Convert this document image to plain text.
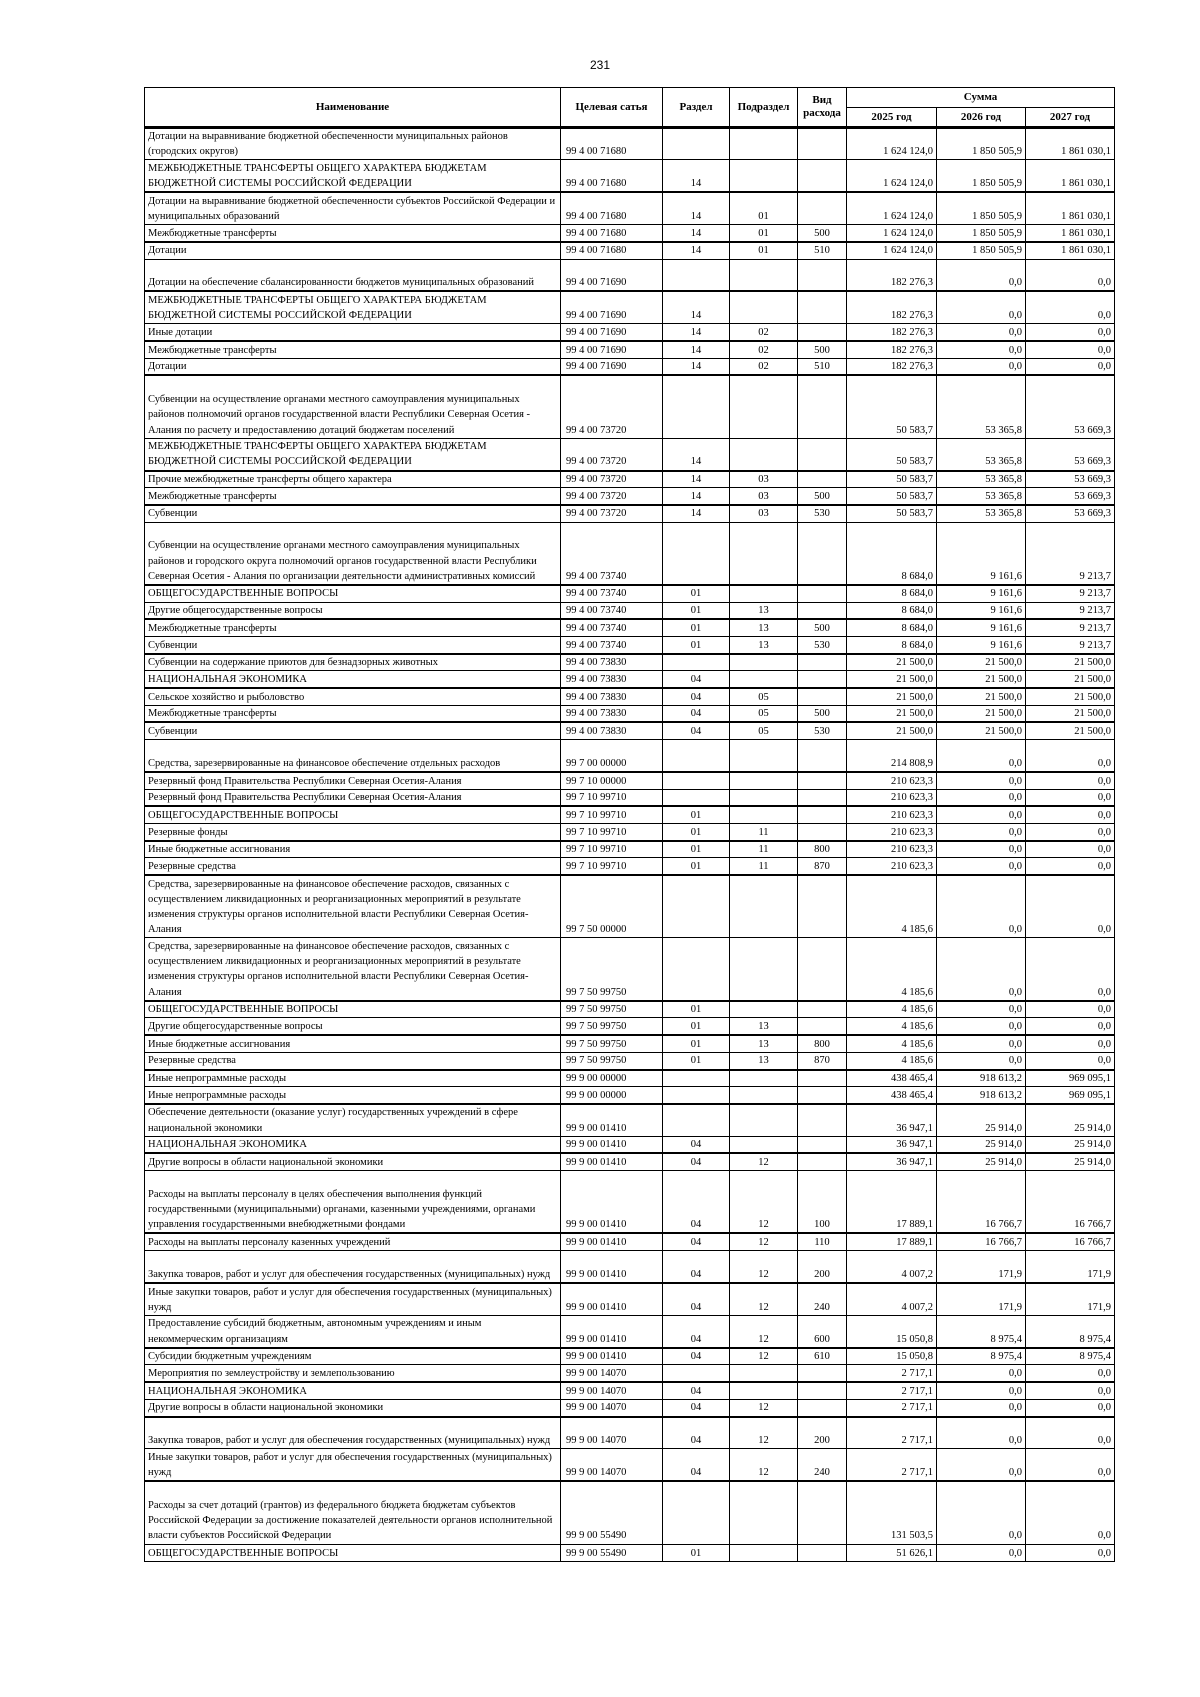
231
Наименование	Целевая сатья	Раздел	Подраздел	Вид расхода	Сумма		
					2025 год	2026 год	2027 год
Дотации на выравнивание бюджетной обеспеченности муниципальных районов (городских округов)	99 4 00 71680				1 624 124,0	1 850 505,9	1 861 030,1
МЕЖБЮДЖЕТНЫЕ ТРАНСФЕРТЫ ОБЩЕГО ХАРАКТЕРА БЮДЖЕТАМ БЮДЖЕТНОЙ СИСТЕМЫ РОССИЙСКОЙ ФЕДЕРАЦИИ	99 4 00 71680	14			1 624 124,0	1 850 505,9	1 861 030,1
Дотации на выравнивание бюджетной обеспеченности субъектов Российской Федерации и муниципальных образований	99 4 00 71680	14	01		1 624 124,0	1 850 505,9	1 861 030,1
Межбюджетные трансферты	99 4 00 71680	14	01	500	1 624 124,0	1 850 505,9	1 861 030,1
Дотации	99 4 00 71680	14	01	510	1 624 124,0	1 850 505,9	1 861 030,1
Дотации на обеспечение сбалансированности бюджетов муниципальных образований	99 4 00 71690				182 276,3	0,0	0,0
МЕЖБЮДЖЕТНЫЕ ТРАНСФЕРТЫ ОБЩЕГО ХАРАКТЕРА БЮДЖЕТАМ БЮДЖЕТНОЙ СИСТЕМЫ РОССИЙСКОЙ ФЕДЕРАЦИИ	99 4 00 71690	14			182 276,3	0,0	0,0
Иные дотации	99 4 00 71690	14	02		182 276,3	0,0	0,0
Межбюджетные трансферты	99 4 00 71690	14	02	500	182 276,3	0,0	0,0
Дотации	99 4 00 71690	14	02	510	182 276,3	0,0	0,0
Субвенции на осуществление органами местного самоуправления муниципальных районов полномочий органов государственной власти Республики Северная Осетия - Алания по расчету и предоставлению дотаций бюджетам поселений	99 4 00 73720				50 583,7	53 365,8	53 669,3
МЕЖБЮДЖЕТНЫЕ ТРАНСФЕРТЫ ОБЩЕГО ХАРАКТЕРА БЮДЖЕТАМ БЮДЖЕТНОЙ СИСТЕМЫ РОССИЙСКОЙ ФЕДЕРАЦИИ	99 4 00 73720	14			50 583,7	53 365,8	53 669,3
Прочие межбюджетные трансферты общего характера	99 4 00 73720	14	03		50 583,7	53 365,8	53 669,3
Межбюджетные трансферты	99 4 00 73720	14	03	500	50 583,7	53 365,8	53 669,3
Субвенции	99 4 00 73720	14	03	530	50 583,7	53 365,8	53 669,3
Субвенции на осуществление органами местного самоуправления муниципальных районов и городского округа полномочий органов государственной власти Республики Северная Осетия - Алания по организации деятельности административных комиссий	99 4 00 73740				8 684,0	9 161,6	9 213,7
ОБЩЕГОСУДАРСТВЕННЫЕ ВОПРОСЫ	99 4 00 73740	01			8 684,0	9 161,6	9 213,7
Другие общегосударственные вопросы	99 4 00 73740	01	13		8 684,0	9 161,6	9 213,7
Межбюджетные трансферты	99 4 00 73740	01	13	500	8 684,0	9 161,6	9 213,7
Субвенции	99 4 00 73740	01	13	530	8 684,0	9 161,6	9 213,7
Субвенции на содержание приютов для безнадзорных животных	99 4 00 73830				21 500,0	21 500,0	21 500,0
НАЦИОНАЛЬНАЯ ЭКОНОМИКА	99 4 00 73830	04			21 500,0	21 500,0	21 500,0
Сельское хозяйство и рыболовство	99 4 00 73830	04	05		21 500,0	21 500,0	21 500,0
Межбюджетные трансферты	99 4 00 73830	04	05	500	21 500,0	21 500,0	21 500,0
Субвенции	99 4 00 73830	04	05	530	21 500,0	21 500,0	21 500,0
Средства, зарезервированные на финансовое обеспечение отдельных расходов	99 7 00 00000				214 808,9	0,0	0,0
Резервный фонд Правительства Республики Северная Осетия-Алания	99 7 10 00000				210 623,3	0,0	0,0
Резервный фонд Правительства Республики Северная Осетия-Алания	99 7 10 99710				210 623,3	0,0	0,0
ОБЩЕГОСУДАРСТВЕННЫЕ ВОПРОСЫ	99 7 10 99710	01			210 623,3	0,0	0,0
Резервные фонды	99 7 10 99710	01	11		210 623,3	0,0	0,0
Иные бюджетные ассигнования	99 7 10 99710	01	11	800	210 623,3	0,0	0,0
Резервные средства	99 7 10 99710	01	11	870	210 623,3	0,0	0,0
Средства, зарезервированные на финансовое обеспечение расходов, связанных с осуществлением ликвидационных и реорганизационных мероприятий в результате изменения структуры органов исполнительной власти Республики Северная Осетия-Алания	99 7 50 00000				4 185,6	0,0	0,0
Средства, зарезервированные на финансовое обеспечение расходов, связанных с осуществлением ликвидационных и реорганизационных мероприятий в результате изменения структуры органов исполнительной власти Республики Северная Осетия-Алания	99 7 50 99750				4 185,6	0,0	0,0
ОБЩЕГОСУДАРСТВЕННЫЕ ВОПРОСЫ	99 7 50 99750	01			4 185,6	0,0	0,0
Другие общегосударственные вопросы	99 7 50 99750	01	13		4 185,6	0,0	0,0
Иные бюджетные ассигнования	99 7 50 99750	01	13	800	4 185,6	0,0	0,0
Резервные средства	99 7 50 99750	01	13	870	4 185,6	0,0	0,0
Иные непрограммные расходы	99 9 00 00000				438 465,4	918 613,2	969 095,1
Иные непрограммные расходы	99 9 00 00000				438 465,4	918 613,2	969 095,1
Обеспечение деятельности (оказание услуг) государственных учреждений в сфере национальной экономики	99 9 00 01410				36 947,1	25 914,0	25 914,0
НАЦИОНАЛЬНАЯ ЭКОНОМИКА	99 9 00 01410	04			36 947,1	25 914,0	25 914,0
Другие вопросы в области национальной экономики	99 9 00 01410	04	12		36 947,1	25 914,0	25 914,0
Расходы на выплаты персоналу в целях обеспечения выполнения функций государственными (муниципальными) органами, казенными учреждениями, органами управления государственными внебюджетными фондами	99 9 00 01410	04	12	100	17 889,1	16 766,7	16 766,7
Расходы на выплаты персоналу казенных учреждений	99 9 00 01410	04	12	110	17 889,1	16 766,7	16 766,7
Закупка товаров, работ и услуг для обеспечения государственных (муниципальных) нужд	99 9 00 01410	04	12	200	4 007,2	171,9	171,9
Иные закупки товаров, работ и услуг для обеспечения государственных (муниципальных) нужд	99 9 00 01410	04	12	240	4 007,2	171,9	171,9
Предоставление субсидий бюджетным, автономным учреждениям и иным некоммерческим организациям	99 9 00 01410	04	12	600	15 050,8	8 975,4	8 975,4
Субсидии бюджетным учреждениям	99 9 00 01410	04	12	610	15 050,8	8 975,4	8 975,4
Мероприятия по землеустройству и землепользованию	99 9 00 14070				2 717,1	0,0	0,0
НАЦИОНАЛЬНАЯ ЭКОНОМИКА	99 9 00 14070	04			2 717,1	0,0	0,0
Другие вопросы в области национальной экономики	99 9 00 14070	04	12		2 717,1	0,0	0,0
Закупка товаров, работ и услуг для обеспечения государственных (муниципальных) нужд	99 9 00 14070	04	12	200	2 717,1	0,0	0,0
Иные закупки товаров, работ и услуг для обеспечения государственных (муниципальных) нужд	99 9 00 14070	04	12	240	2 717,1	0,0	0,0
Расходы за счет дотаций (грантов) из федерального бюджета бюджетам субъектов Российской Федерации за достижение показателей деятельности органов исполнительной власти субъектов Российской Федерации	99 9 00 55490				131 503,5	0,0	0,0
ОБЩЕГОСУДАРСТВЕННЫЕ ВОПРОСЫ	99 9 00 55490	01			51 626,1	0,0	0,0
